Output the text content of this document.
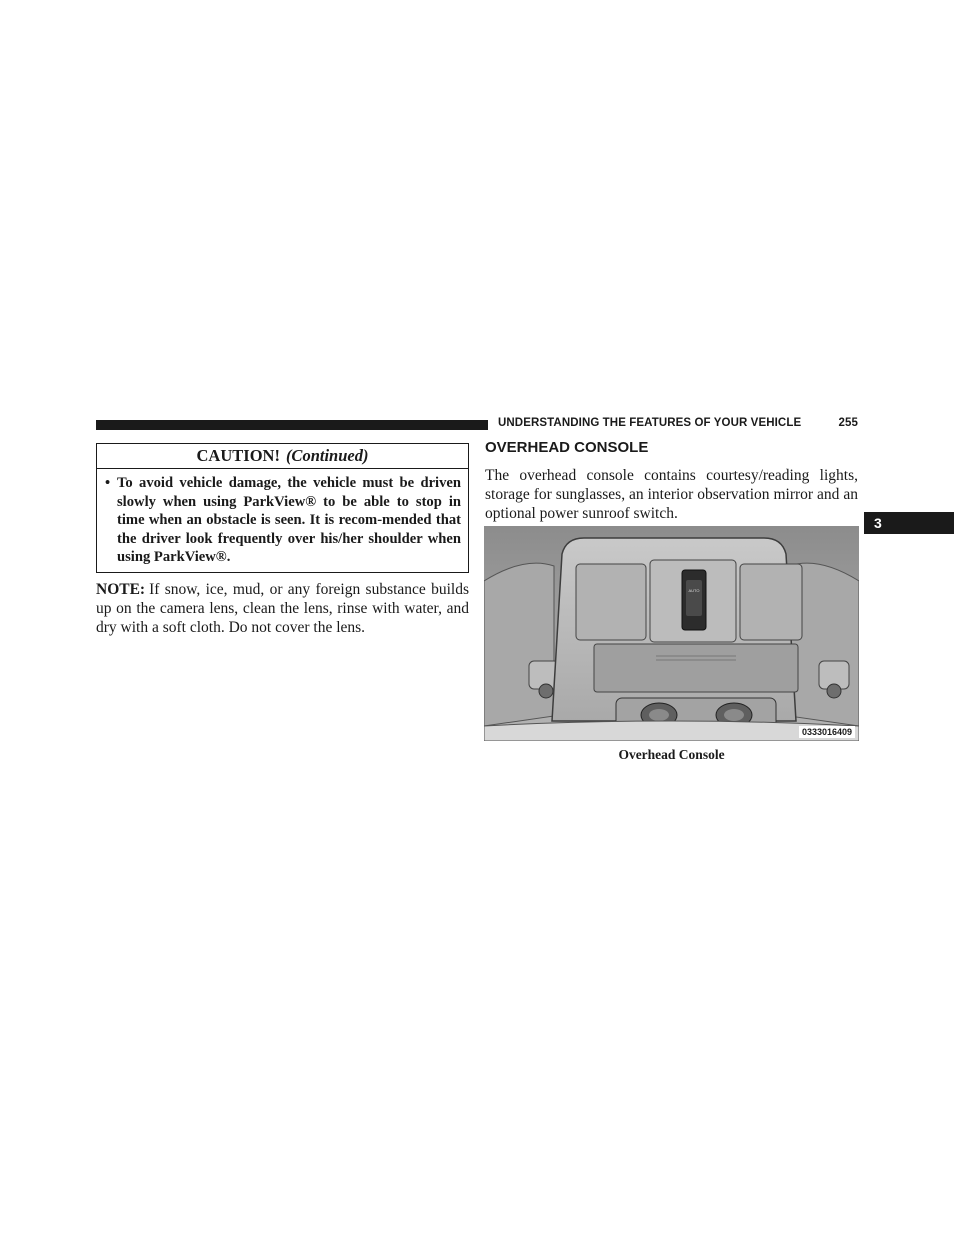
UNDERSTANDING THE FEATURES OF YOUR VEHICLE	255
3
CAUTION! (Continued)
• To avoid vehicle damage, the vehicle must be driven slowly when using ParkView® to be able to stop in time when an obstacle is seen. It is recom-mended that the driver look frequently over his/her shoulder when using ParkView®.
NOTE: If snow, ice, mud, or any foreign substance builds up on the camera lens, clean the lens, rinse with water, and dry with a soft cloth. Do not cover the lens.
OVERHEAD CONSOLE
The overhead console contains courtesy/reading lights, storage for sunglasses, an interior observation mirror and an optional power sunroof switch.
AUTO
0333016409
Overhead Console
